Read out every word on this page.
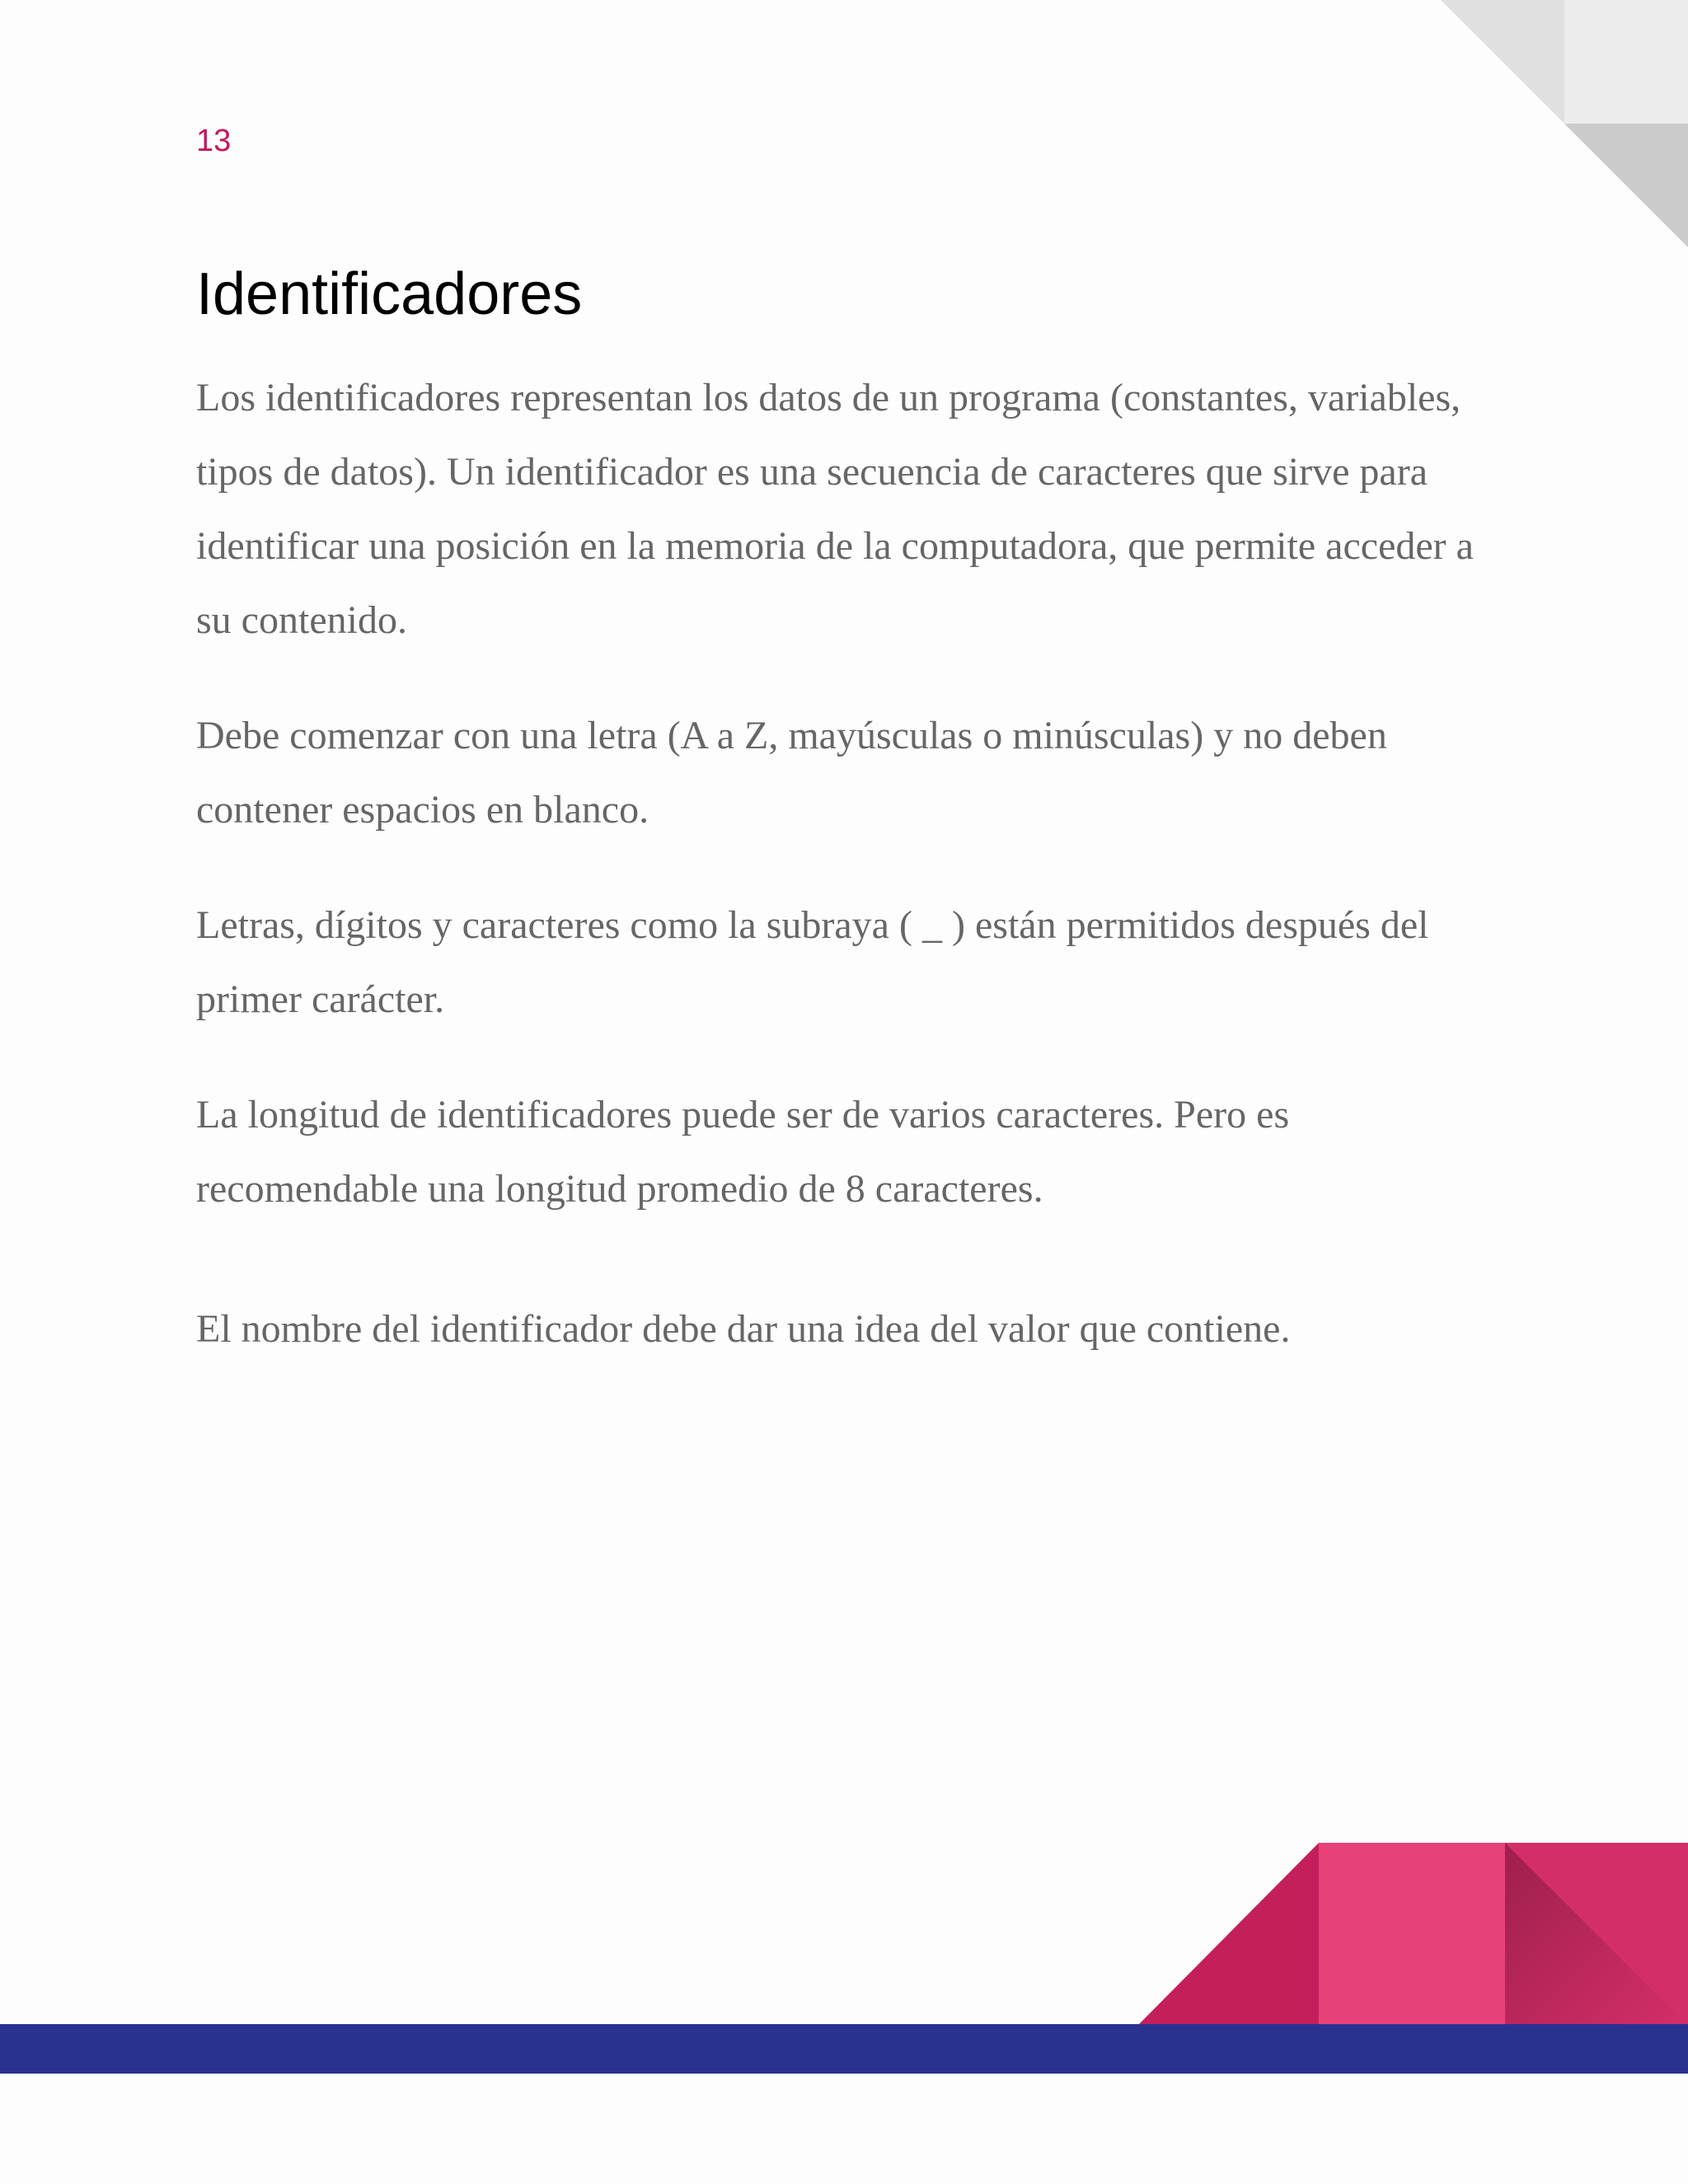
13
Identificadores

Los identificadores representan los datos de un programa (constantes, variables, tipos de datos). Un identificador es una secuencia de caracteres que sirve para identificar una posición en la memoria de la computadora, que permite acceder a su contenido.

Debe comenzar con una letra (A a Z, mayúsculas o minúsculas) y no deben contener espacios en blanco.

Letras, dígitos y caracteres como la subraya ( _ ) están permitidos después del primer carácter.

La longitud de identificadores puede ser de varios caracteres. Pero es recomendable una longitud promedio de 8 caracteres.

El nombre del identificador debe dar una idea del valor que contiene.
